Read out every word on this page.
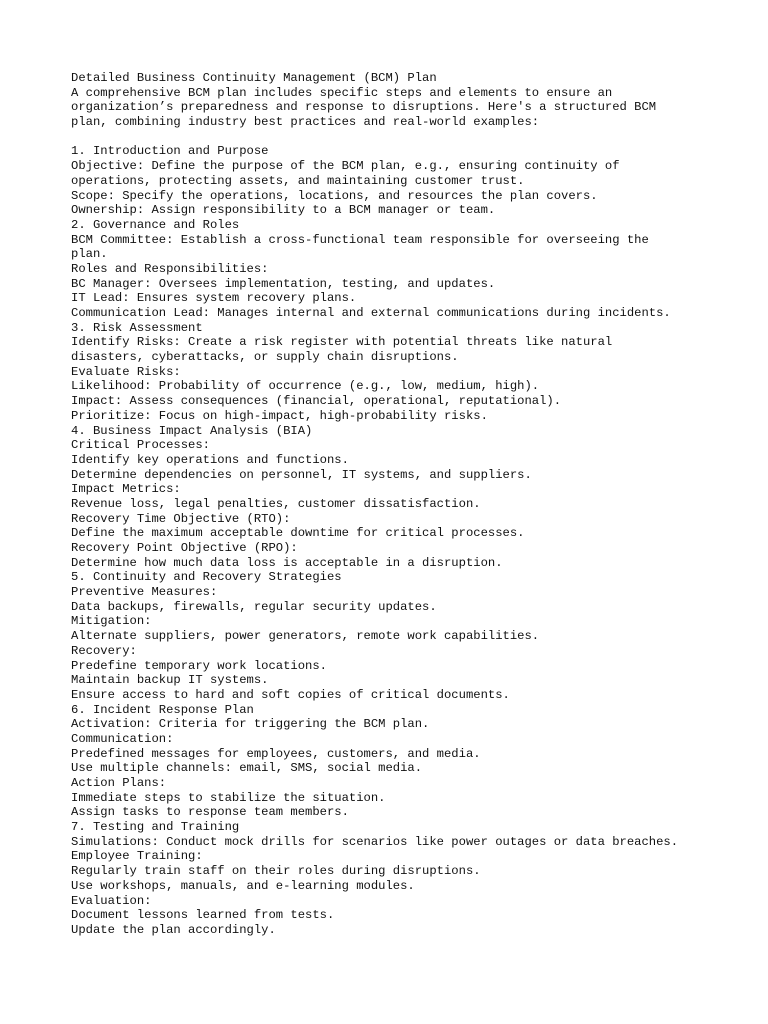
Detailed Business Continuity Management (BCM) Plan
A comprehensive BCM plan includes specific steps and elements to ensure an
organization’s preparedness and response to disruptions. Here's a structured BCM
plan, combining industry best practices and real-world examples:
1. Introduction and Purpose
Objective: Define the purpose of the BCM plan, e.g., ensuring continuity of
operations, protecting assets, and maintaining customer trust.
Scope: Specify the operations, locations, and resources the plan covers.
Ownership: Assign responsibility to a BCM manager or team.
2. Governance and Roles
BCM Committee: Establish a cross-functional team responsible for overseeing the
plan.
Roles and Responsibilities:
BC Manager: Oversees implementation, testing, and updates.
IT Lead: Ensures system recovery plans.
Communication Lead: Manages internal and external communications during incidents.
3. Risk Assessment
Identify Risks: Create a risk register with potential threats like natural
disasters, cyberattacks, or supply chain disruptions.
Evaluate Risks:
Likelihood: Probability of occurrence (e.g., low, medium, high).
Impact: Assess consequences (financial, operational, reputational).
Prioritize: Focus on high-impact, high-probability risks.
4. Business Impact Analysis (BIA)
Critical Processes:
Identify key operations and functions.
Determine dependencies on personnel, IT systems, and suppliers.
Impact Metrics:
Revenue loss, legal penalties, customer dissatisfaction.
Recovery Time Objective (RTO):
Define the maximum acceptable downtime for critical processes.
Recovery Point Objective (RPO):
Determine how much data loss is acceptable in a disruption.
5. Continuity and Recovery Strategies
Preventive Measures:
Data backups, firewalls, regular security updates.
Mitigation:
Alternate suppliers, power generators, remote work capabilities.
Recovery:
Predefine temporary work locations.
Maintain backup IT systems.
Ensure access to hard and soft copies of critical documents.
6. Incident Response Plan
Activation: Criteria for triggering the BCM plan.
Communication:
Predefined messages for employees, customers, and media.
Use multiple channels: email, SMS, social media.
Action Plans:
Immediate steps to stabilize the situation.
Assign tasks to response team members.
7. Testing and Training
Simulations: Conduct mock drills for scenarios like power outages or data breaches.
Employee Training:
Regularly train staff on their roles during disruptions.
Use workshops, manuals, and e-learning modules.
Evaluation:
Document lessons learned from tests.
Update the plan accordingly.
